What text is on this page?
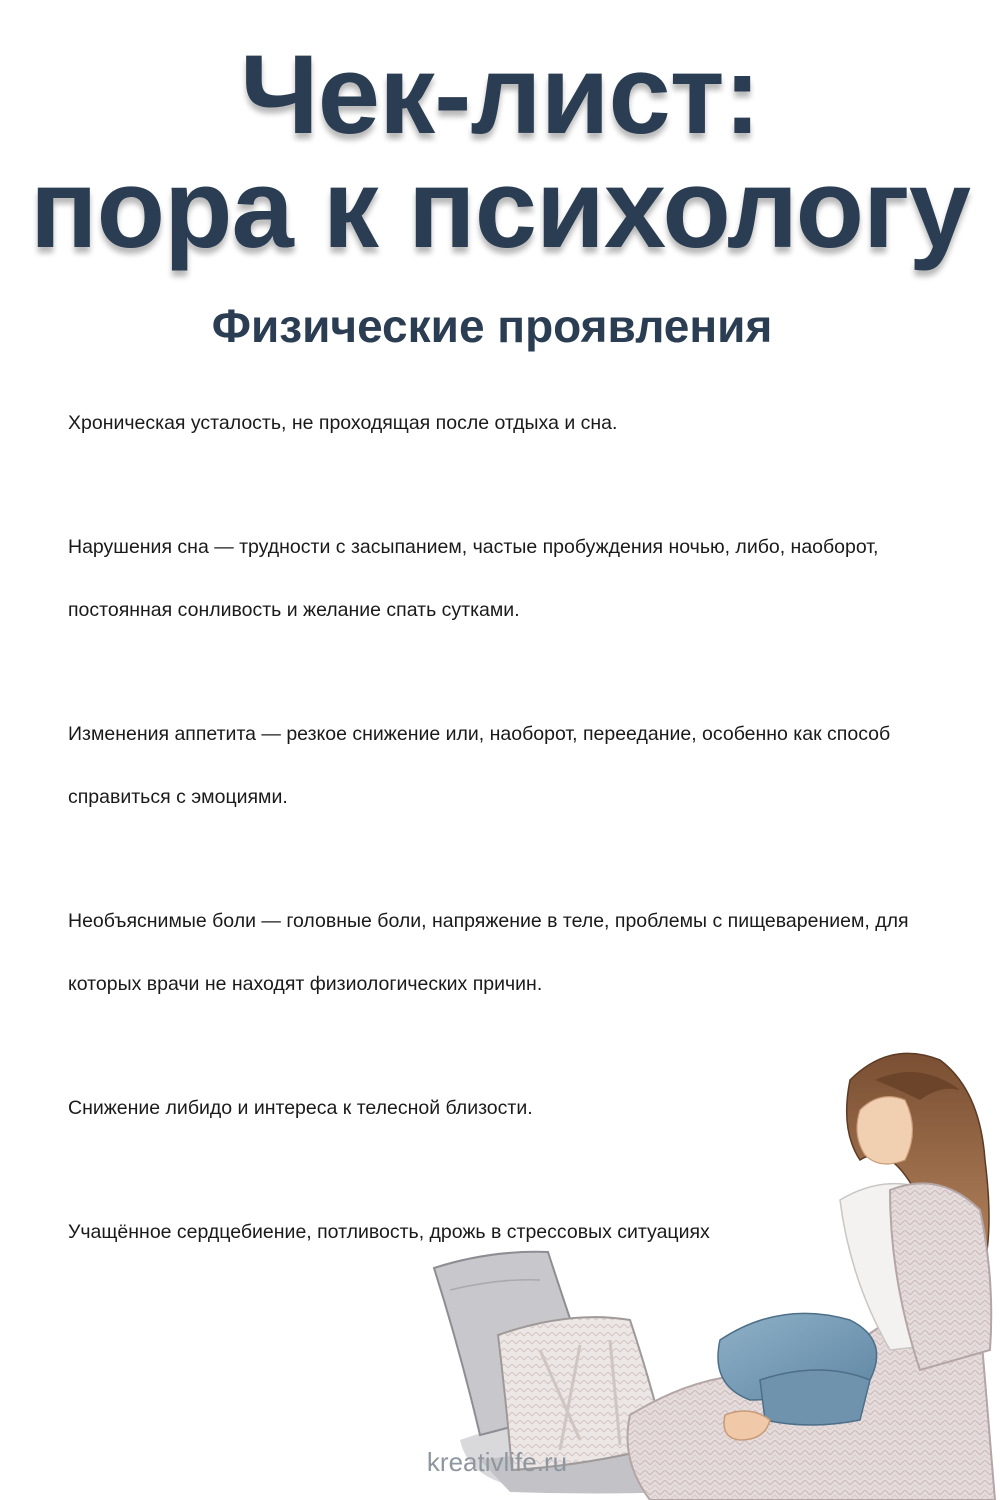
Чек-лист:
пора к психологу
Физические проявления

Хроническая усталость, не проходящая после отдыха и сна.

Нарушения сна — трудности с засыпанием, частые пробуждения ночью, либо, наоборот, постоянная сонливость и желание спать сутками.

Изменения аппетита — резкое снижение или, наоборот, переедание, особенно как способ справиться с эмоциями.

Необъяснимые боли — головные боли, напряжение в теле, проблемы с пищеварением, для которых врачи не находят физиологических причин.

Снижение либидо и интереса к телесной близости.

Учащённое сердцебиение, потливость, дрожь в стрессовых ситуациях

kreativlife.ru
